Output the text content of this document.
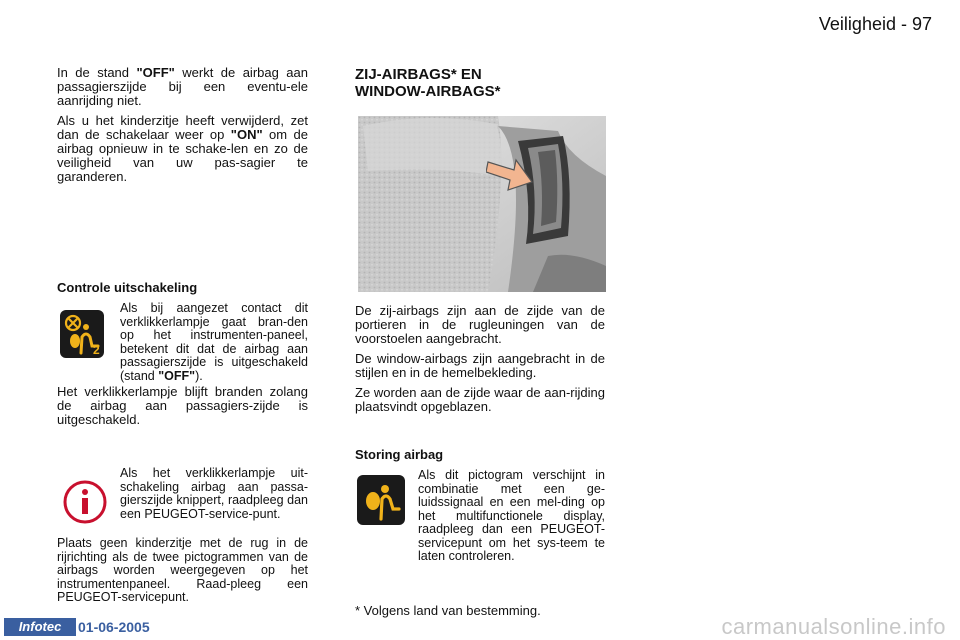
Veiligheid - 97

In de stand "OFF" werkt de airbag aan passagierszijde bij een eventu-ele aanrijding niet.

Als u het kinderzitje heeft verwijderd, zet dan de schakelaar weer op "ON" om de airbag opnieuw in te schake-len en zo de veiligheid van uw pas-sagier te garanderen.

Controle uitschakeling
2
Als bij aangezet contact dit verklikkerlampje gaat bran-den op het instrumenten-paneel, betekent dit dat de airbag aan passagierszijde is uitgeschakeld (stand "OFF").
Het verklikkerlampje blijft branden zolang de airbag aan passagiers-zijde is uitgeschakeld.
Als het verklikkerlampje uit-schakeling airbag aan passa-gierszijde knippert, raadpleeg dan een PEUGEOT-service-punt.
Plaats geen kinderzitje met de rug in de rijrichting als de twee pictogrammen van de airbags worden weergegeven op het instrumentenpaneel. Raad-pleeg een PEUGEOT-servicepunt.
ZIJ-AIRBAGS* EN
WINDOW-AIRBAGS*

De zij-airbags zijn aan de zijde van de portieren in de rugleuningen van de voorstoelen aangebracht.

De window-airbags zijn aangebracht in de stijlen en in de hemelbekleding.

Ze worden aan de zijde waar de aan-rijding plaatsvindt opgeblazen.

Storing airbag
Als dit pictogram verschijnt in combinatie met een ge-luidssignaal en een mel-ding op het multifunctionele display, raadpleeg dan een PEUGEOT-servicepunt om het sys-teem te laten controleren.
* Volgens land van bestemming.
Infotec	01-06-2005	carmanualsonline.info
